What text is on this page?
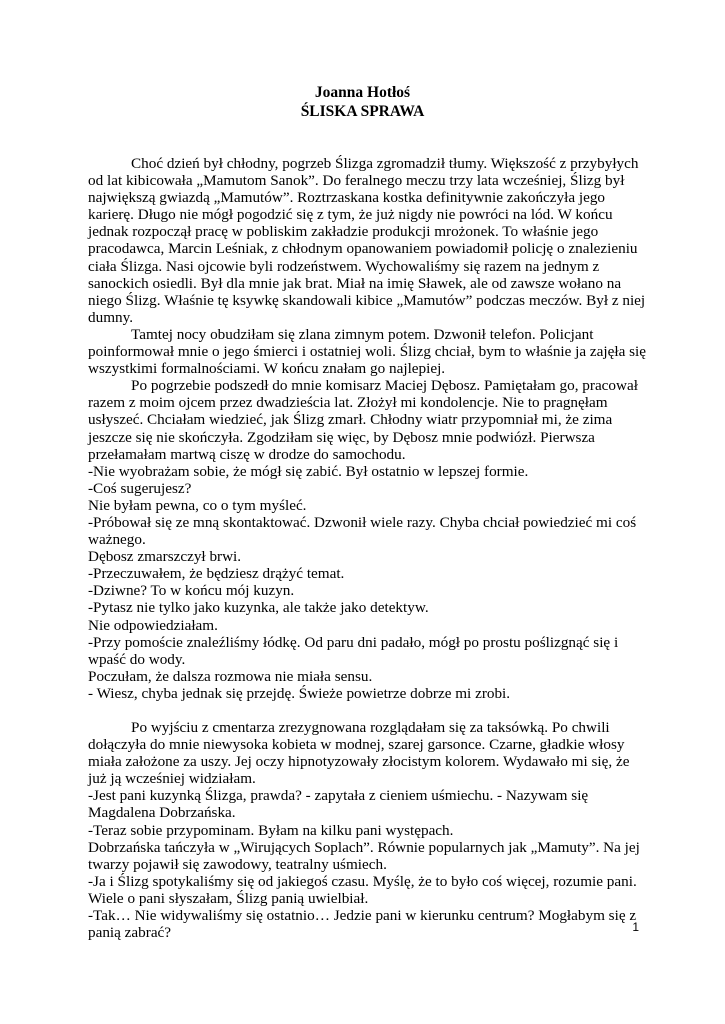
Joanna Hotłoś
ŚLISKA SPRAWA

Choć dzień był chłodny, pogrzeb Ślizga zgromadził tłumy. Większość z przybyłych od lat kibicowała „Mamutom Sanok”. Do feralnego meczu trzy lata wcześniej, Ślizg był największą gwiazdą „Mamutów”. Roztrzaskana kostka definitywnie zakończyła jego karierę. Długo nie mógł pogodzić się z tym, że już nigdy nie powróci na lód. W końcu jednak rozpoczął pracę w pobliskim zakładzie produkcji mrożonek. To właśnie jego pracodawca, Marcin Leśniak, z chłodnym opanowaniem powiadomił policję o znalezieniu ciała Ślizga. Nasi ojcowie byli rodzeństwem. Wychowaliśmy się razem na jednym z sanockich osiedli. Był dla mnie jak brat. Miał na imię Sławek, ale od zawsze wołano na niego Ślizg. Właśnie tę ksywkę skandowali kibice „Mamutów” podczas meczów. Był z niej dumny.

Tamtej nocy obudziłam się zlana zimnym potem. Dzwonił telefon. Policjant poinformował mnie o jego śmierci i ostatniej woli. Ślizg chciał, bym to właśnie ja zajęła się wszystkimi formalnościami. W końcu znałam go najlepiej.

Po pogrzebie podszedł do mnie komisarz Maciej Dębosz. Pamiętałam go, pracował razem z moim ojcem przez dwadzieścia lat. Złożył mi kondolencje. Nie to pragnęłam usłyszeć. Chciałam wiedzieć, jak Ślizg zmarł. Chłodny wiatr przypomniał mi, że zima jeszcze się nie skończyła. Zgodziłam się więc, by Dębosz mnie podwiózł. Pierwsza przełamałam martwą ciszę w drodze do samochodu.

-Nie wyobrażam sobie, że mógł się zabić. Był ostatnio w lepszej formie.

-Coś sugerujesz?

Nie byłam pewna, co o tym myśleć.

-Próbował się ze mną skontaktować. Dzwonił wiele razy. Chyba chciał powiedzieć mi coś ważnego.

Dębosz zmarszczył brwi.

-Przeczuwałem, że będziesz drążyć temat.

-Dziwne? To w końcu mój kuzyn.

-Pytasz nie tylko jako kuzynka, ale także jako detektyw.

Nie odpowiedziałam.

-Przy pomoście znaleźliśmy łódkę. Od paru dni padało, mógł po prostu poślizgnąć się i wpaść do wody.

Poczułam, że dalsza rozmowa nie miała sensu.

- Wiesz, chyba jednak się przejdę. Świeże powietrze dobrze mi zrobi.

Po wyjściu z cmentarza zrezygnowana rozglądałam się za taksówką. Po chwili dołączyła do mnie niewysoka kobieta w modnej, szarej garsonce. Czarne, gładkie włosy miała założone za uszy. Jej oczy hipnotyzowały złocistym kolorem. Wydawało mi się, że już ją wcześniej widziałam.

-Jest pani kuzynką Ślizga, prawda? - zapytała z cieniem uśmiechu. - Nazywam się Magdalena Dobrzańska.

-Teraz sobie przypominam. Byłam na kilku pani występach.

Dobrzańska tańczyła w „Wirujących Soplach”. Równie popularnych jak „Mamuty”. Na jej twarzy pojawił się zawodowy, teatralny uśmiech.

-Ja i Ślizg spotykaliśmy się od jakiegoś czasu. Myślę, że to było coś więcej, rozumie pani. Wiele o pani słyszałam, Ślizg panią uwielbiał.

-Tak… Nie widywaliśmy się ostatnio… Jedzie pani w kierunku centrum? Mogłabym się z panią zabrać?	1
